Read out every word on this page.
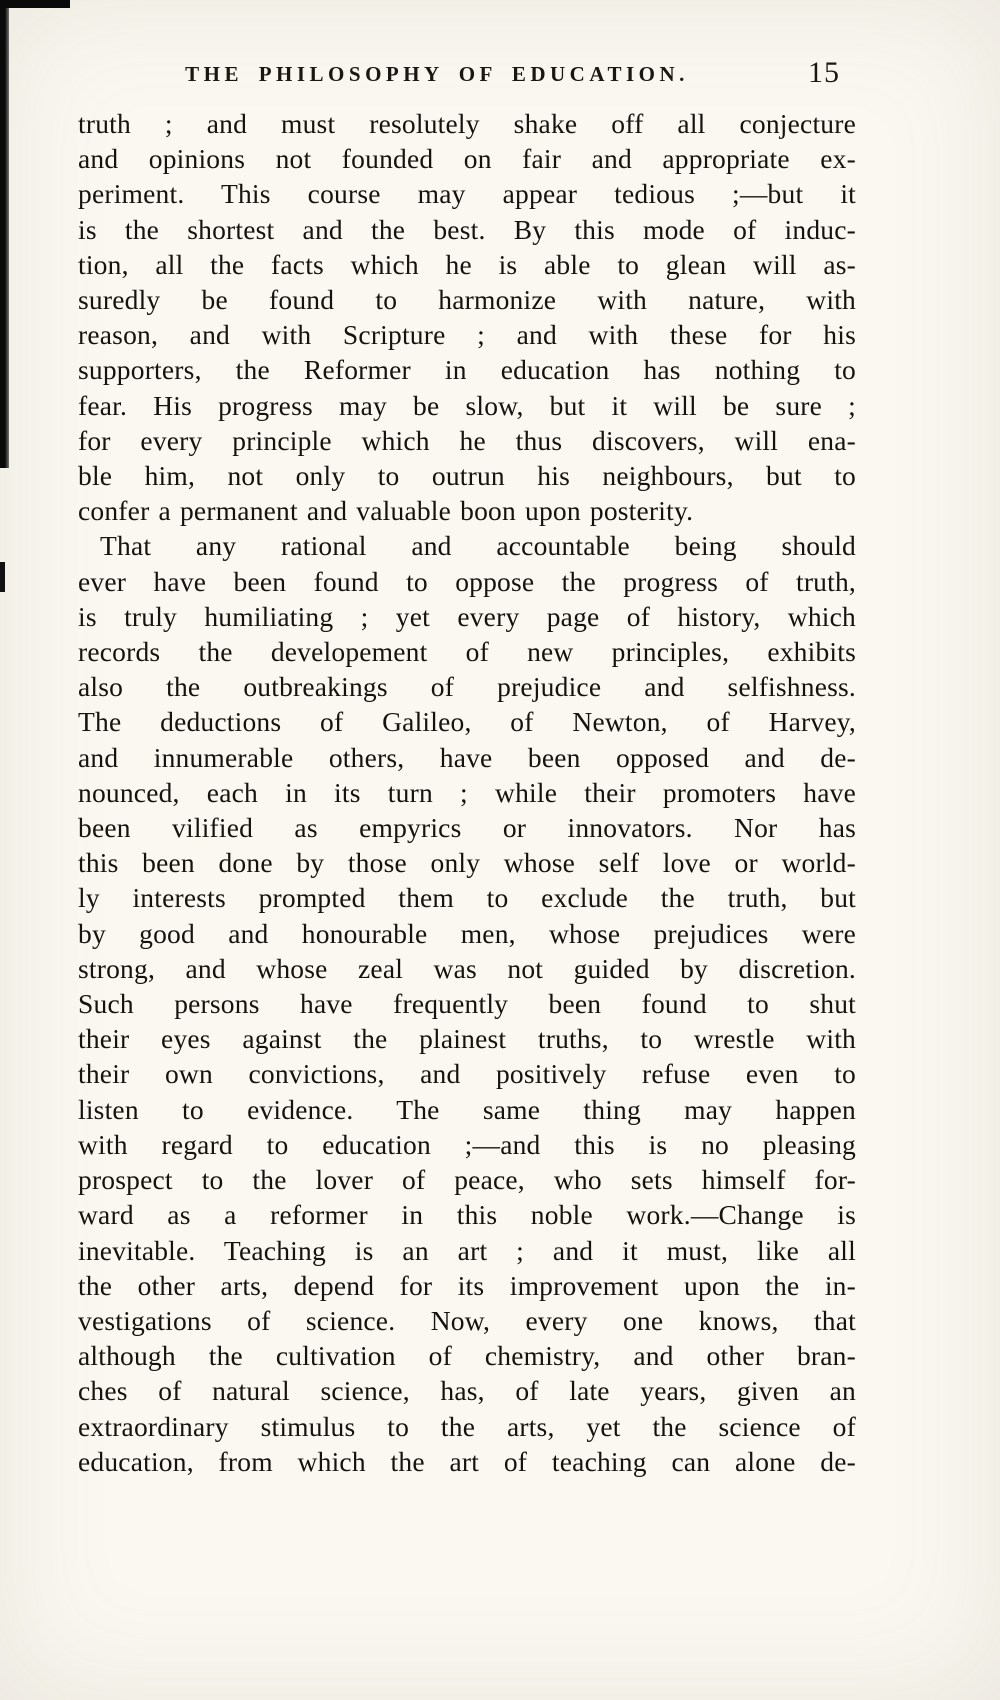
THE PHILOSOPHY OF EDUCATION.	15
truth ; and must resolutely shake off all conjecture
and opinions not founded on fair and appropriate ex-
periment. This course may appear tedious ;—but it
is the shortest and the best. By this mode of induc-
tion, all the facts which he is able to glean will as-
suredly be found to harmonize with nature, with
reason, and with Scripture ; and with these for his
supporters, the Reformer in education has nothing to
fear. His progress may be slow, but it will be sure ;
for every principle which he thus discovers, will ena-
ble him, not only to outrun his neighbours, but to
confer a permanent and valuable boon upon posterity.
That any rational and accountable being should
ever have been found to oppose the progress of truth,
is truly humiliating ; yet every page of history, which
records the developement of new principles, exhibits
also the outbreakings of prejudice and selfishness.
The deductions of Galileo, of Newton, of Harvey,
and innumerable others, have been opposed and de-
nounced, each in its turn ; while their promoters have
been vilified as empyrics or innovators. Nor has
this been done by those only whose self love or world-
ly interests prompted them to exclude the truth, but
by good and honourable men, whose prejudices were
strong, and whose zeal was not guided by discretion.
Such persons have frequently been found to shut
their eyes against the plainest truths, to wrestle with
their own convictions, and positively refuse even to
listen to evidence. The same thing may happen
with regard to education ;—and this is no pleasing
prospect to the lover of peace, who sets himself for-
ward as a reformer in this noble work.—Change is
inevitable. Teaching is an art ; and it must, like all
the other arts, depend for its improvement upon the in-
vestigations of science. Now, every one knows, that
although the cultivation of chemistry, and other bran-
ches of natural science, has, of late years, given an
extraordinary stimulus to the arts, yet the science of
education, from which the art of teaching can alone de-
